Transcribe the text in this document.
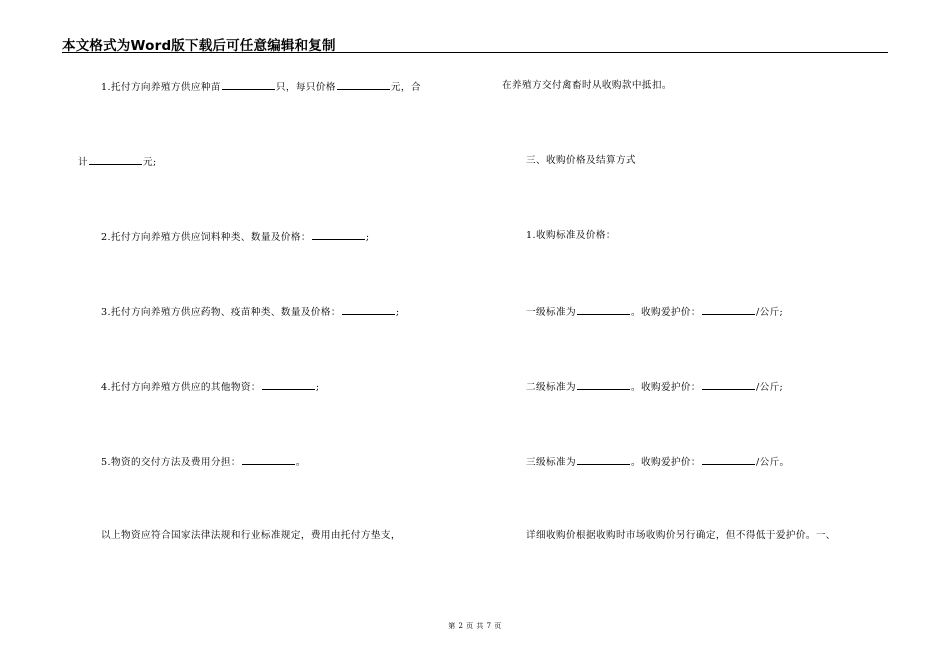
本文格式为Word版下载后可任意编辑和复制
1.托付方向养殖方供应种苗	只，每只价格	元，合
计	元;
2.托付方向养殖方供应饲料种类、数量及价格：	;
3.托付方向养殖方供应药物、疫苗种类、数量及价格：	;
4.托付方向养殖方供应的其他物资：	;
5.物资的交付方法及费用分担：	。
以上物资应符合国家法律法规和行业标准规定，费用由托付方垫支，
在养殖方交付禽畜时从收购款中抵扣。
三、收购价格及结算方式
1.收购标准及价格：
一级标准为	。收购爱护价：	/公斤;
二级标准为	。收购爱护价：	/公斤;
三级标准为	。收购爱护价：	/公斤。
详细收购价根据收购时市场收购价另行确定，但不得低于爱护价。一、
第 2 页 共 7 页
